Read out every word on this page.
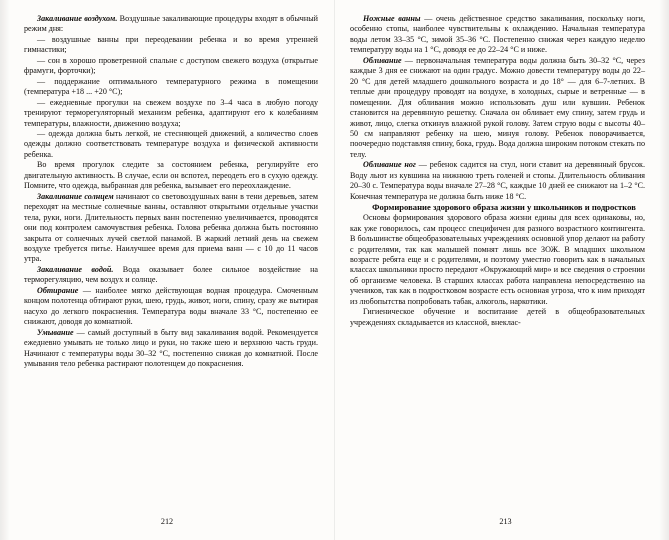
Закаливание воздухом. Воздушные закаливающие процедуры входят в обычный режим дня:

— воздушные ванны при переодевании ребенка и во время утренней гимнастики;

— сон в хорошо проветренной спальне с доступом свежего воздуха (открытые фрамуги, форточки);

— поддержание оптимального температурного режима в помещении (температура +18 ... +20 °C);

— ежедневные прогулки на свежем воздухе по 3–4 часа в любую погоду тренируют терморегуляторный механизм ребенка, адаптируют его к колебаниям температуры, влажности, движению воздуха;

— одежда должна быть легкой, не стесняющей движений, а количество слоев одежды должно соответствовать температуре воздуха и физической активности ребенка.

Во время прогулок следите за состоянием ребенка, регулируйте его двигательную активность. В случае, если он вспотел, переодеть его в сухую одежду. Помните, что одежда, выбранная для ребенка, вызывает его переохлаждение.

Закаливание солнцем начинают со световоздушных ванн в тени деревьев, затем переходят на местные солнечные ванны, оставляют открытыми отдельные участки тела, руки, ноги. Длительность первых ванн постепенно увеличивается, проводятся они под контролем самочувствия ребенка. Голова ребенка должна быть постоянно закрыта от солнечных лучей светлой панамой. В жаркий летний день на свежем воздухе требуется питье. Наилучшее время для приема ванн — с 10 до 11 часов утра.

Закаливание водой. Вода оказывает более сильное воздействие на терморегуляцию, чем воздух и солнце.

Обтирание — наиболее мягко действующая водная процедура. Смоченным концом полотенца обтирают руки, шею, грудь, живот, ноги, спину, сразу же вытирая насухо до легкого покраснения. Температура воды вначале 33 °C, постепенно ее снижают, доводя до комнатной.

Умывание — самый доступный в быту вид закаливания водой. Рекомендуется ежедневно умывать не только лицо и руки, но также шею и верхнюю часть груди. Начинают с температуры воды 30–32 °C, постепенно снижая до комнатной. После умывания тело ребенка растирают полотенцем до покраснения.

212

Ножные ванны — очень действенное средство закаливания, поскольку ноги, особенно стопы, наиболее чувствительны к охлаждению. Начальная температура воды летом 33–35 °C, зимой 35–36 °C. Постепенно снижая через каждую неделю температуру воды на 1 °C, доводя ее до 22–24 °C и ниже.

Обливание — первоначальная температура воды должна быть 30–32 °C, через каждые 3 дня ее снижают на один градус. Можно довести температуру воды до 22–20 °C для детей младшего дошкольного возраста и до 18° — для 6–7-летних. В теплые дни процедуру проводят на воздухе, в холодных, сырые и ветренные — в помещении. Для обливания можно использовать душ или кувшин. Ребенок становится на деревянную решетку. Сначала он обливает ему спину, затем грудь и живот, лицо, слегка откинув влажной рукой голову. Затем струю воды с высоты 40–50 см направляют ребенку на шею, минуя голову. Ребенок поворачивается, поочередно подставляя спину, бока, грудь. Вода должна широким потоком стекать по телу.

Обливание ног — ребенок садится на стул, ноги ставит на деревянный брусок. Воду льют из кувшина на нижнюю треть голеней и стопы. Длительность обливания 20–30 с. Температура воды вначале 27–28 °C, каждые 10 дней ее снижают на 1–2 °C. Конечная температура не должна быть ниже 18 °C.

Формирование здорового образа жизни у школьников и подростков

Основы формирования здорового образа жизни едины для всех одинаковы, но, как уже говорилось, сам процесс специфичен для разного возрастного контингента. В большинстве общеобразовательных учреждениях основной упор делают на работу с родителями, так как малышей помнят лишь все ЗОЖ. В младших школьном возрасте ребята еще и с родителями, и поэтому уместно говорить как в начальных классах школьники просто передают «Окружающий мир» и все сведения о строении об организме человека. В старших классах работа направлена непосредственно на учеников, так как в подростковом возрасте есть основная угроза, что к ним приходят из любопытства попробовать табак, алкоголь, наркотики.

Гигиеническое обучение и воспитание детей в общеобразовательных учреждениях складывается из классной, внеклас-

213
